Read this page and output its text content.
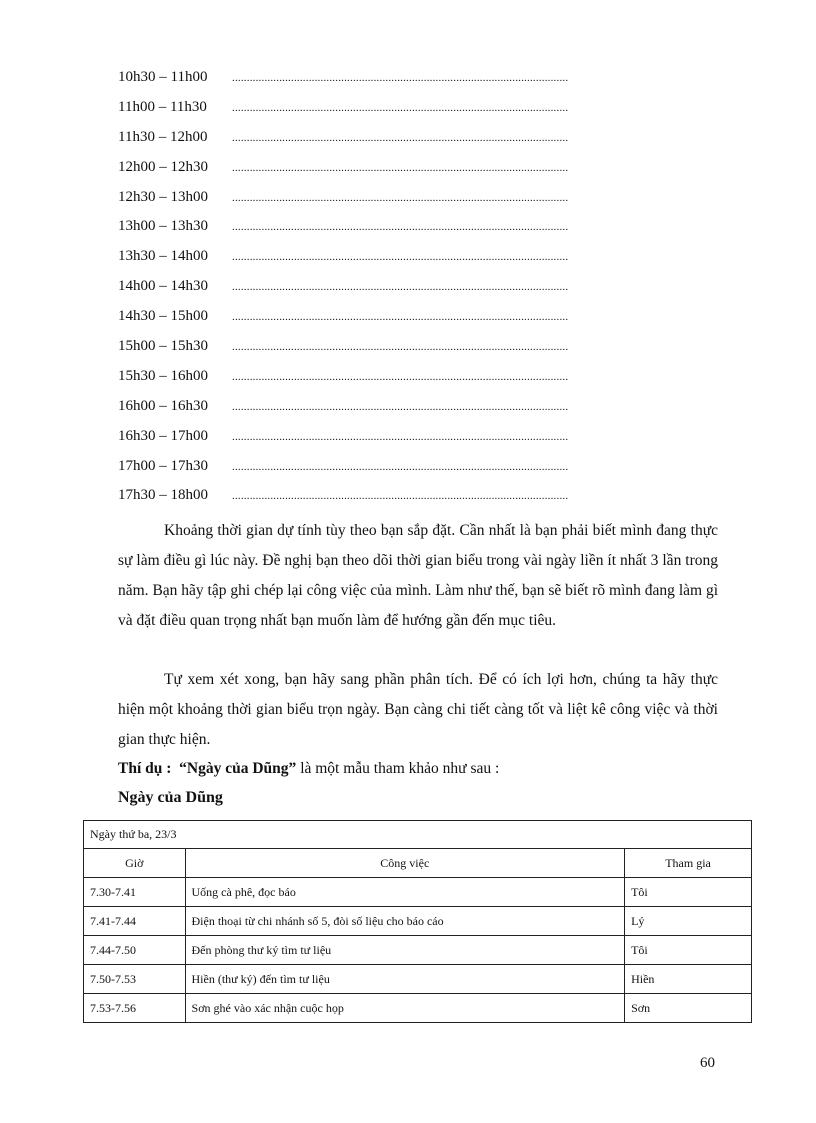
10h30 – 11h00	..................................................................................................................
11h00 – 11h30	..................................................................................................................
11h30 – 12h00	..................................................................................................................
12h00 – 12h30	..................................................................................................................
12h30 – 13h00	..................................................................................................................
13h00 – 13h30	..................................................................................................................
13h30 – 14h00	..................................................................................................................
14h00 – 14h30	..................................................................................................................
14h30 – 15h00	..................................................................................................................
15h00 – 15h30	..................................................................................................................
15h30 – 16h00	..................................................................................................................
16h00 – 16h30	..................................................................................................................
16h30 – 17h00	..................................................................................................................
17h00 – 17h30	..................................................................................................................
17h30 – 18h00	..................................................................................................................

Khoảng thời gian dự tính tùy theo bạn sắp đặt. Cần nhất là bạn phải biết mình đang thực sự làm điều gì lúc này. Đề nghị bạn theo dõi thời gian biểu trong vài ngày liền ít nhất 3 lần trong năm. Bạn hãy tập ghi chép lại công việc của mình. Làm như thế, bạn sẽ biết rõ mình đang làm gì và đặt điều quan trọng nhất bạn muốn làm để hướng gần đến mục tiêu.

Tự xem xét xong, bạn hãy sang phần phân tích. Để có ích lợi hơn, chúng ta hãy thực hiện một khoảng thời gian biểu trọn ngày. Bạn càng chi tiết càng tốt và liệt kê công việc và thời gian thực hiện.

Thí dụ : “Ngày của Dũng” là một mẫu tham khảo như sau :
Ngày của Dũng
Ngày thứ ba, 23/3		
Giờ	Công việc	Tham gia
7.30-7.41	Uống cà phê, đọc báo	Tôi
7.41-7.44	Điện thoại từ chi nhánh số 5, đòi số liệu cho báo cáo	Lý
7.44-7.50	Đến phòng thư ký tìm tư liệu	Tôi
7.50-7.53	Hiền (thư ký) đến tìm tư liệu	Hiền
7.53-7.56	Sơn ghé vào xác nhận cuộc họp	Sơn
60
